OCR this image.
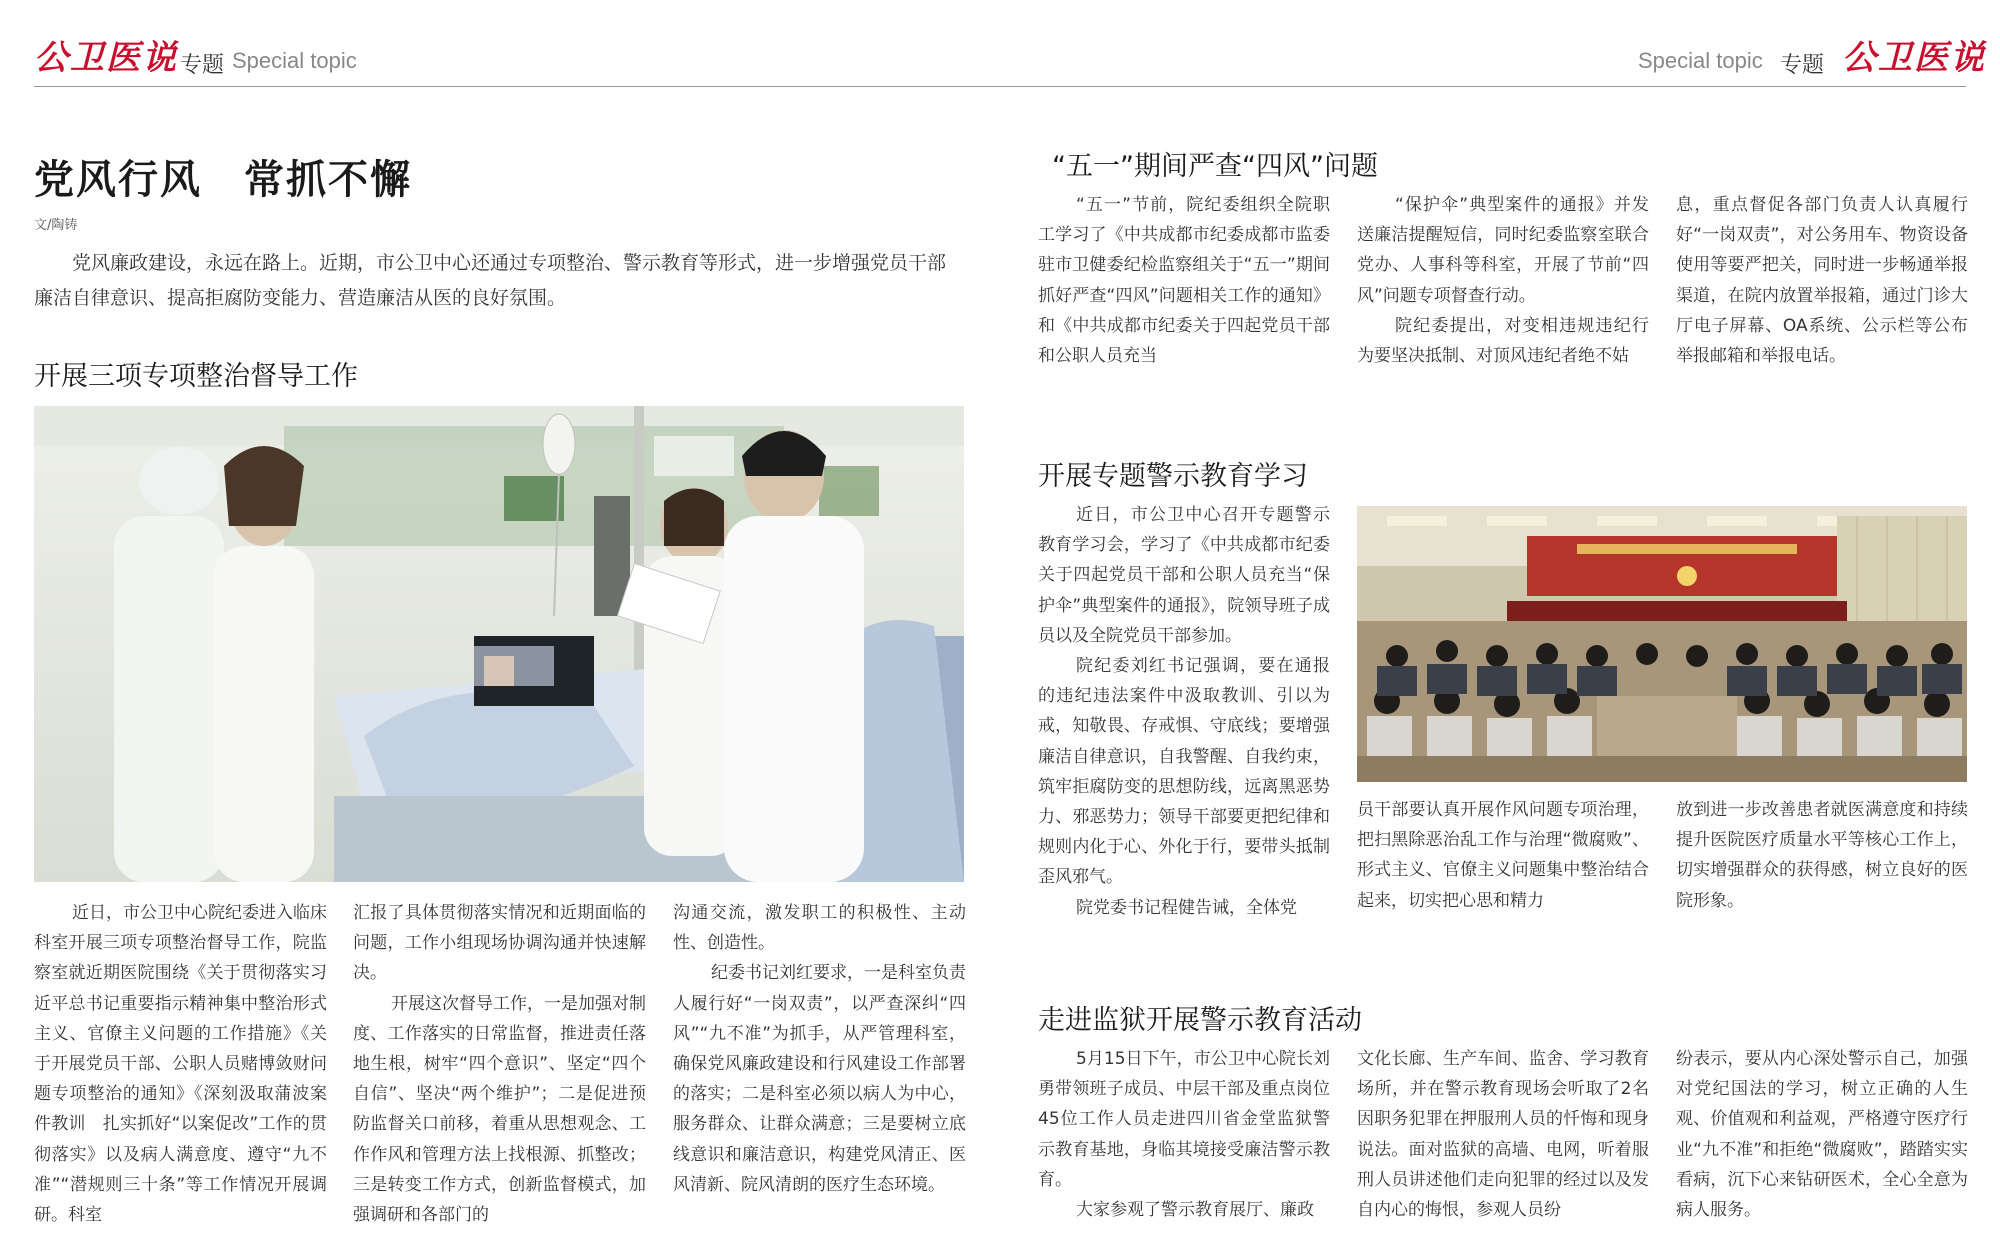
公卫医说 专题 Special topic	Special topic 专题 公卫医说
党风行风　常抓不懈
文/陶铸

党风廉政建设，永远在路上。近期，市公卫中心还通过专项整治、警示教育等形式，进一步增强党员干部廉洁自律意识、提高拒腐防变能力、营造廉洁从医的良好氛围。

开展三项专项整治督导工作

近日，市公卫中心院纪委进入临床科室开展三项专项整治督导工作，院监察室就近期医院围绕《关于贯彻落实习近平总书记重要指示精神集中整治形式主义、官僚主义问题的工作措施》《关于开展党员干部、公职人员赌博敛财问题专项整治的通知》《深刻汲取蒲波案件教训　扎实抓好“以案促改”工作的贯彻落实》以及病人满意度、遵守“九不准”“潜规则三十条”等工作情况开展调研。科室

汇报了具体贯彻落实情况和近期面临的问题，工作小组现场协调沟通并快速解决。

开展这次督导工作，一是加强对制度、工作落实的日常监督，推进责任落地生根，树牢“四个意识”、坚定“四个自信”、坚决“两个维护”；二是促进预防监督关口前移，着重从思想观念、工作作风和管理方法上找根源、抓整改；三是转变工作方式，创新监督模式，加强调研和各部门的

沟通交流，激发职工的积极性、主动性、创造性。

纪委书记刘红要求，一是科室负责人履行好“一岗双责”，以严查深纠“四风”“九不准”为抓手，从严管理科室，确保党风廉政建设和行风建设工作部署的落实；二是科室必须以病人为中心，服务群众、让群众满意；三是要树立底线意识和廉洁意识，构建党风清正、医风清新、院风清朗的医疗生态环境。

“五一”期间严查“四风”问题

“五一”节前，院纪委组织全院职工学习了《中共成都市纪委成都市监委驻市卫健委纪检监察组关于“五一”期间抓好严查“四风”问题相关工作的通知》和《中共成都市纪委关于四起党员干部和公职人员充当

“保护伞”典型案件的通报》并发送廉洁提醒短信，同时纪委监察室联合党办、人事科等科室，开展了节前“四风”问题专项督查行动。

院纪委提出，对变相违规违纪行为要坚决抵制、对顶风违纪者绝不姑

息，重点督促各部门负责人认真履行好“一岗双责”，对公务用车、物资设备使用等要严把关，同时进一步畅通举报渠道，在院内放置举报箱，通过门诊大厅电子屏幕、OA系统、公示栏等公布举报邮箱和举报电话。

开展专题警示教育学习

近日，市公卫中心召开专题警示教育学习会，学习了《中共成都市纪委关于四起党员干部和公职人员充当“保护伞”典型案件的通报》，院领导班子成员以及全院党员干部参加。

院纪委刘红书记强调，要在通报的违纪违法案件中汲取教训、引以为戒，知敬畏、存戒惧、守底线；要增强廉洁自律意识，自我警醒、自我约束，筑牢拒腐防变的思想防线，远离黑恶势力、邪恶势力；领导干部要更把纪律和规则内化于心、外化于行，要带头抵制歪风邪气。

院党委书记程健告诫，全体党

员干部要认真开展作风问题专项治理，把扫黑除恶治乱工作与治理“微腐败”、形式主义、官僚主义问题集中整治结合起来，切实把心思和精力

放到进一步改善患者就医满意度和持续提升医院医疗质量水平等核心工作上，切实增强群众的获得感，树立良好的医院形象。

走进监狱开展警示教育活动

5月15日下午，市公卫中心院长刘勇带领班子成员、中层干部及重点岗位45位工作人员走进四川省金堂监狱警示教育基地，身临其境接受廉洁警示教育。

大家参观了警示教育展厅、廉政

文化长廊、生产车间、监舍、学习教育场所，并在警示教育现场会听取了2名因职务犯罪在押服刑人员的忏悔和现身说法。面对监狱的高墙、电网，听着服刑人员讲述他们走向犯罪的经过以及发自内心的悔恨，参观人员纷

纷表示，要从内心深处警示自己，加强对党纪国法的学习，树立正确的人生观、价值观和利益观，严格遵守医疗行业“九不准”和拒绝“微腐败”，踏踏实实看病，沉下心来钻研医术，全心全意为病人服务。
